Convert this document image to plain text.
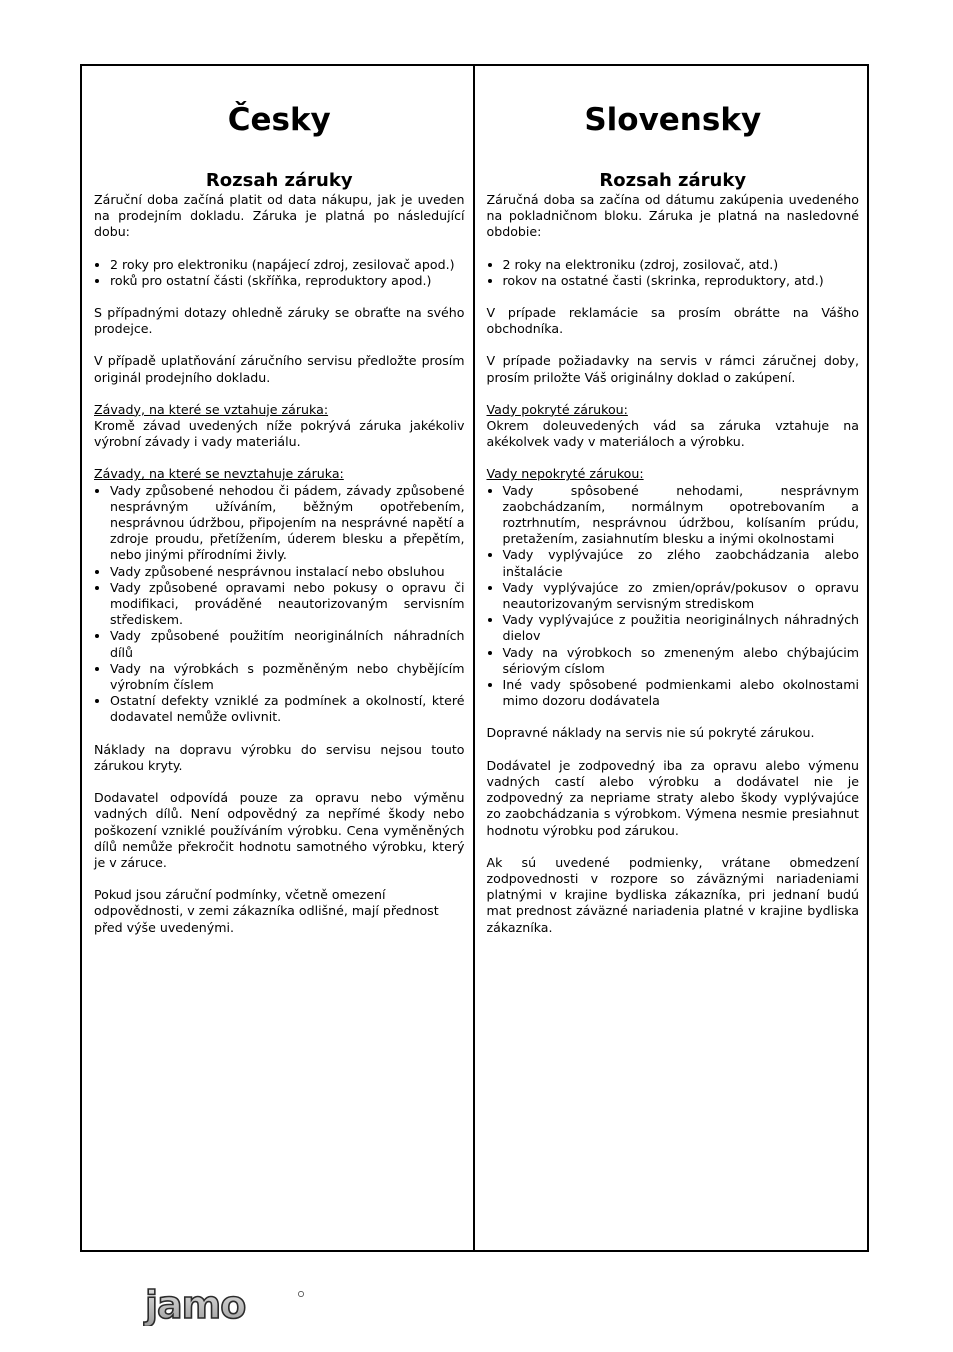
Česky
Rozsah záruky

Záruční doba začíná platit od data nákupu, jak je uveden na prodejním dokladu. Záruka je platná po následující dobu:

• 2 roky pro elektroniku (napájecí zdroj, zesilovač apod.)
• roků pro ostatní části (skříňka, reproduktory apod.)

S případnými dotazy ohledně záruky se obraťte na svého prodejce.

V případě uplatňování záručního servisu předložte prosím originál prodejního dokladu.

Závady, na které se vztahuje záruka:

Kromě závad uvedených níže pokrývá záruka jakékoliv výrobní závady i vady materiálu.

Závady, na které se nevztahuje záruka:
• Vady způsobené nehodou či pádem, závady způsobené nesprávným užíváním, běžným opotřebením, nesprávnou údržbou, připojením na nesprávné napětí a zdroje proudu, přetížením, úderem blesku a přepětím, nebo jinými přírodními živly.
• Vady způsobené nesprávnou instalací nebo obsluhou
• Vady způsobené opravami nebo pokusy o opravu či modifikaci, prováděné neautorizovaným servisním střediskem.
• Vady způsobené použitím neoriginálních náhradních dílů
• Vady na výrobkách s pozměněným nebo chybějícím výrobním číslem
• Ostatní defekty vzniklé za podmínek a okolností, které dodavatel nemůže ovlivnit.

Náklady na dopravu výrobku do servisu nejsou touto zárukou kryty.

Dodavatel odpovídá pouze za opravu nebo výměnu vadných dílů. Není odpovědný za nepřímé škody nebo poškození vzniklé používáním výrobku. Cena vyměněných dílů nemůže překročit hodnotu samotného výrobku, který je v záruce.

Pokud jsou záruční podmínky, včetně omezení odpovědnosti, v zemi zákazníka odlišné, mají přednost před výše uvedenými.

Slovensky
Rozsah záruky

Záručná doba sa začína od dátumu zakúpenia uvedeného na pokladničnom bloku. Záruka je platná na nasledovné obdobie:

• 2 roky na elektroniku (zdroj, zosilovač, atd.)
• rokov na ostatné časti (skrinka, reproduktory, atd.)

V prípade reklamácie sa prosím obrátte na Vášho obchodníka.

V prípade požiadavky na servis v rámci záručnej doby, prosím priložte Váš originálny doklad o zakúpení.

Vady pokryté zárukou:

Okrem doleuvedených vád sa záruka vztahuje na akékolvek vady v materiáloch a výrobku.

Vady nepokryté zárukou:
• Vady spôsobené nehodami, nesprávnym zaobchádzaním, normálnym opotrebovaním a roztrhnutím, nesprávnou údržbou, kolísaním prúdu, pretažením, zasiahnutím blesku a inými okolnostami
• Vady vyplývajúce zo zlého zaobchádzania alebo inštalácie
• Vady vyplývajúce zo zmien/opráv/pokusov o opravu neautorizovaným servisným strediskom
• Vady vyplývajúce z použitia neoriginálnych náhradných dielov
• Vady na výrobkoch so zmeneným alebo chýbajúcim sériovým císlom
• Iné vady spôsobené podmienkami alebo okolnostami mimo dozoru dodávatela

Dopravné náklady na servis nie sú pokryté zárukou.

Dodávatel je zodpovedný iba za opravu alebo výmenu vadných castí alebo výrobku a dodávatel nie je zodpovedný za nepriame straty alebo škody vyplývajúce zo zaobchádzania s výrobkom. Výmena nesmie presiahnut hodnotu výrobku pod zárukou.

Ak sú uvedené podmienky, vrátane obmedzení zodpovednosti v rozpore so záväznými nariadeniami platnými v krajine bydliska zákazníka, pri jednaní budú mat prednost záväzné nariadenia platné v krajine bydliska zákazníka.

jamo
